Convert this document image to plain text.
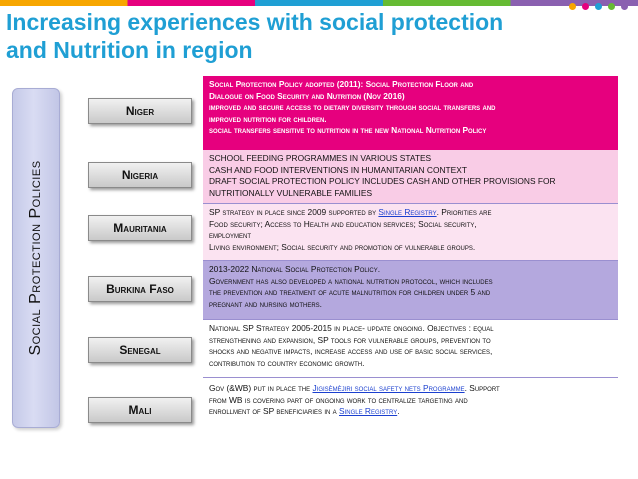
Increasing experiences with social protection
and Nutrition in region
Social Protection Policies
Niger
Nigeria
Mauritania
Burkina Faso
Senegal
Mali
Social Protection Policy adopted (2011): Social Protection Floor and
Dialogue on Food Security and Nutrition (Nov 2016)
improved and secure access to dietary diversity through social transfers and
improved nutrition for children.
social transfers sensitive to nutrition in the new National Nutrition Policy
SCHOOL FEEDING PROGRAMMES IN VARIOUS STATES
CASH AND FOOD INTERVENTIONS IN HUMANITARIAN CONTEXT
DRAFT SOCIAL PROTECTION POLICY INCLUDES CASH AND OTHER PROVISIONS FOR
NUTRITIONALLY VULNERABLE FAMILIES
SP strategy in place since 2009 supported by Single Registry. Priorities are
Food security; Access to Health and education services; Social security,
employment
Living environment; Social security and promotion of vulnerable groups.
2013-2022 National Social Protection Policy.
Government has also developed a national nutrition protocol, which includes
the prevention and treatment of acute malnutrition for children under 5 and
pregnant and nursing mothers.
National SP Strategy 2005-2015 in place- update ongoing. Objectives : equal
strengthening and expansion, SP tools for vulnerable groups, prevention to
shocks and negative impacts, increase access and use of basic social services,
contribution to country economic growth.
Gov (&WB) put in place the Jigisèmèjiri social safety nets Programme. Support
from WB is covering part of ongoing work to centralize targeting and
enrollment of SP beneficiaries in a Single Registry.
